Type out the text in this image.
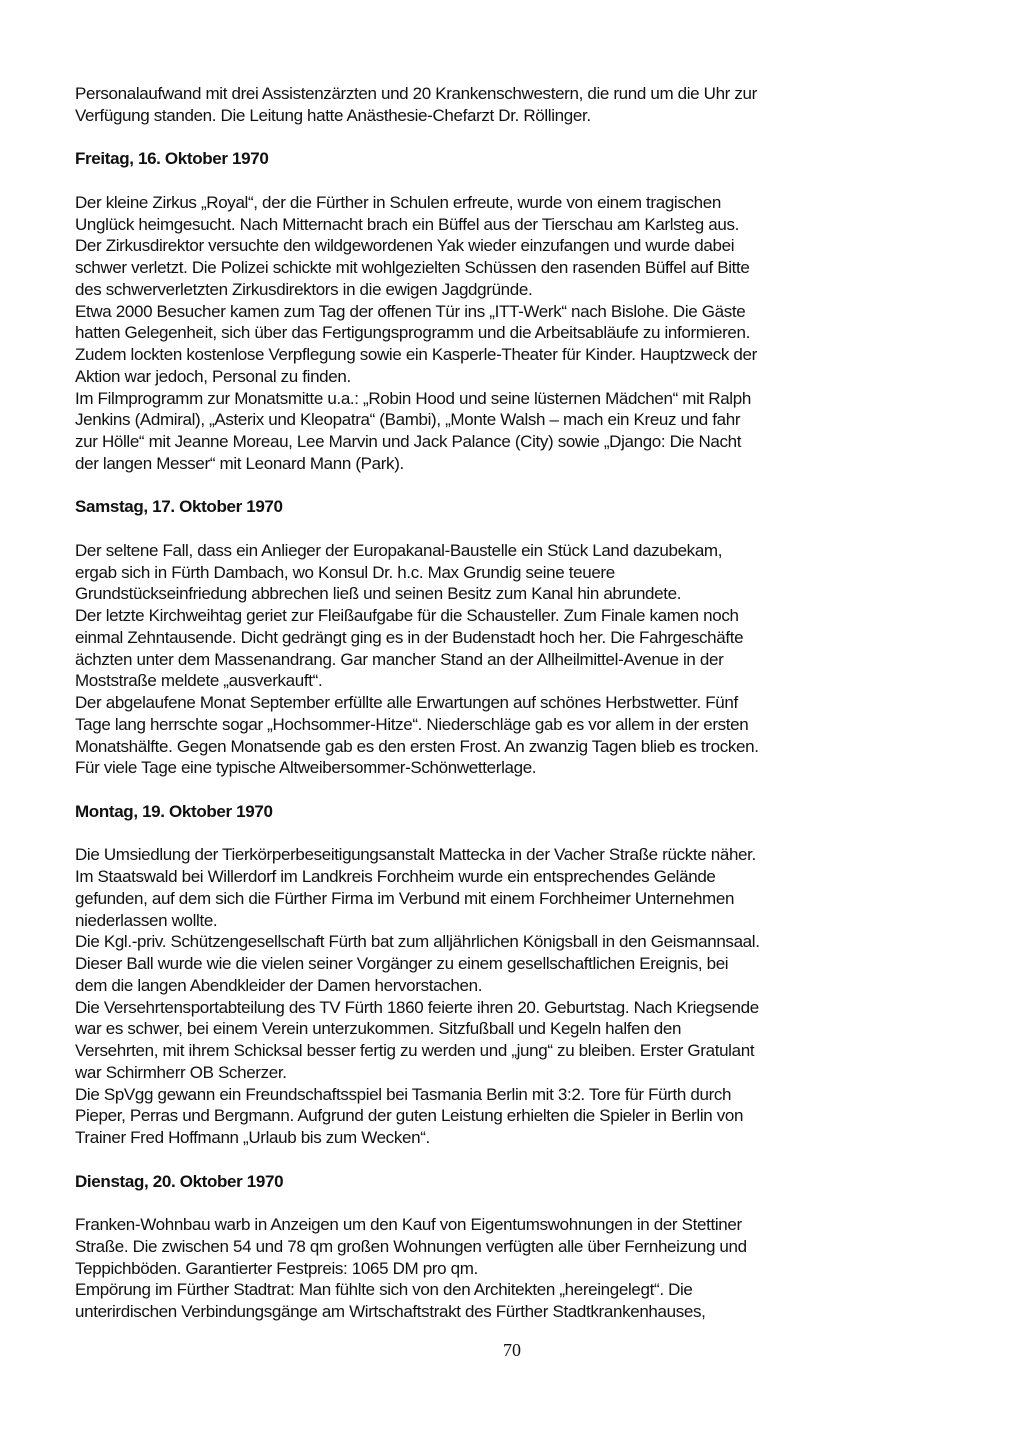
Personalaufwand mit drei Assistenzärzten und 20 Krankenschwestern, die rund um die Uhr zur
Verfügung standen. Die Leitung hatte Anästhesie-Chefarzt Dr. Röllinger.
Freitag, 16. Oktober 1970
Der kleine Zirkus „Royal“, der die Fürther in Schulen erfreute, wurde von einem tragischen
Unglück heimgesucht. Nach Mitternacht brach ein Büffel aus der Tierschau am Karlsteg aus.
Der Zirkusdirektor versuchte den wildgewordenen Yak wieder einzufangen und wurde dabei
schwer verletzt. Die Polizei schickte mit wohlgezielten Schüssen den rasenden Büffel auf Bitte
des schwerverletzten Zirkusdirektors in die ewigen Jagdgründe.
Etwa 2000 Besucher kamen zum Tag der offenen Tür ins „ITT-Werk“ nach Bislohe. Die Gäste
hatten Gelegenheit, sich über das Fertigungsprogramm und die Arbeitsabläufe zu informieren.
Zudem lockten kostenlose Verpflegung sowie ein Kasperle-Theater für Kinder. Hauptzweck der
Aktion war jedoch, Personal zu finden.
Im Filmprogramm zur Monatsmitte u.a.: „Robin Hood und seine lüsternen Mädchen“ mit Ralph
Jenkins (Admiral), „Asterix und Kleopatra“ (Bambi), „Monte Walsh – mach ein Kreuz und fahr
zur Hölle“ mit Jeanne Moreau, Lee Marvin und Jack Palance (City) sowie „Django: Die Nacht
der langen Messer“ mit Leonard Mann (Park).
Samstag, 17. Oktober 1970
Der seltene Fall, dass ein Anlieger der Europakanal-Baustelle ein Stück Land dazubekam,
ergab sich in Fürth Dambach, wo Konsul Dr. h.c. Max Grundig seine teuere
Grundstückseinfriedung abbrechen ließ und seinen Besitz zum Kanal hin abrundete.
Der letzte Kirchweihtag geriet zur Fleißaufgabe für die Schausteller. Zum Finale kamen noch
einmal Zehntausende. Dicht gedrängt ging es in der Budenstadt hoch her. Die Fahrgeschäfte
ächzten unter dem Massenandrang. Gar mancher Stand an der Allheilmittel-Avenue in der
Moststraße meldete „ausverkauft“.
Der abgelaufene Monat September erfüllte alle Erwartungen auf schönes Herbstwetter. Fünf
Tage lang herrschte sogar „Hochsommer-Hitze“. Niederschläge gab es vor allem in der ersten
Monatshälfte. Gegen Monatsende gab es den ersten Frost. An zwanzig Tagen blieb es trocken.
Für viele Tage eine typische Altweibersommer-Schönwetterlage.
Montag, 19. Oktober 1970
Die Umsiedlung der Tierkörperbeseitigungsanstalt Mattecka in der Vacher Straße rückte näher.
Im Staatswald bei Willerdorf im Landkreis Forchheim wurde ein entsprechendes Gelände
gefunden, auf dem sich die Fürther Firma im Verbund mit einem Forchheimer Unternehmen
niederlassen wollte.
Die Kgl.-priv. Schützengesellschaft Fürth bat zum alljährlichen Königsball in den Geismannsaal.
Dieser Ball wurde wie die vielen seiner Vorgänger zu einem gesellschaftlichen Ereignis, bei
dem die langen Abendkleider der Damen hervorstachen.
Die Versehrtensportabteilung des TV Fürth 1860 feierte ihren 20. Geburtstag. Nach Kriegsende
war es schwer, bei einem Verein unterzukommen. Sitzfußball und Kegeln halfen den
Versehrten, mit ihrem Schicksal besser fertig zu werden und „jung“ zu bleiben. Erster Gratulant
war Schirmherr OB Scherzer.
Die SpVgg gewann ein Freundschaftsspiel bei Tasmania Berlin mit 3:2. Tore für Fürth durch
Pieper, Perras und Bergmann. Aufgrund der guten Leistung erhielten die Spieler in Berlin von
Trainer Fred Hoffmann „Urlaub bis zum Wecken“.
Dienstag, 20. Oktober 1970
Franken-Wohnbau warb in Anzeigen um den Kauf von Eigentumswohnungen in der Stettiner
Straße. Die zwischen 54 und 78 qm großen Wohnungen verfügten alle über Fernheizung und
Teppichböden. Garantierter Festpreis: 1065 DM pro qm.
Empörung im Fürther Stadtrat: Man fühlte sich von den Architekten „hereingelegt“. Die
unterirdischen Verbindungsgänge am Wirtschaftstrakt des Fürther Stadtkrankenhauses,
70
